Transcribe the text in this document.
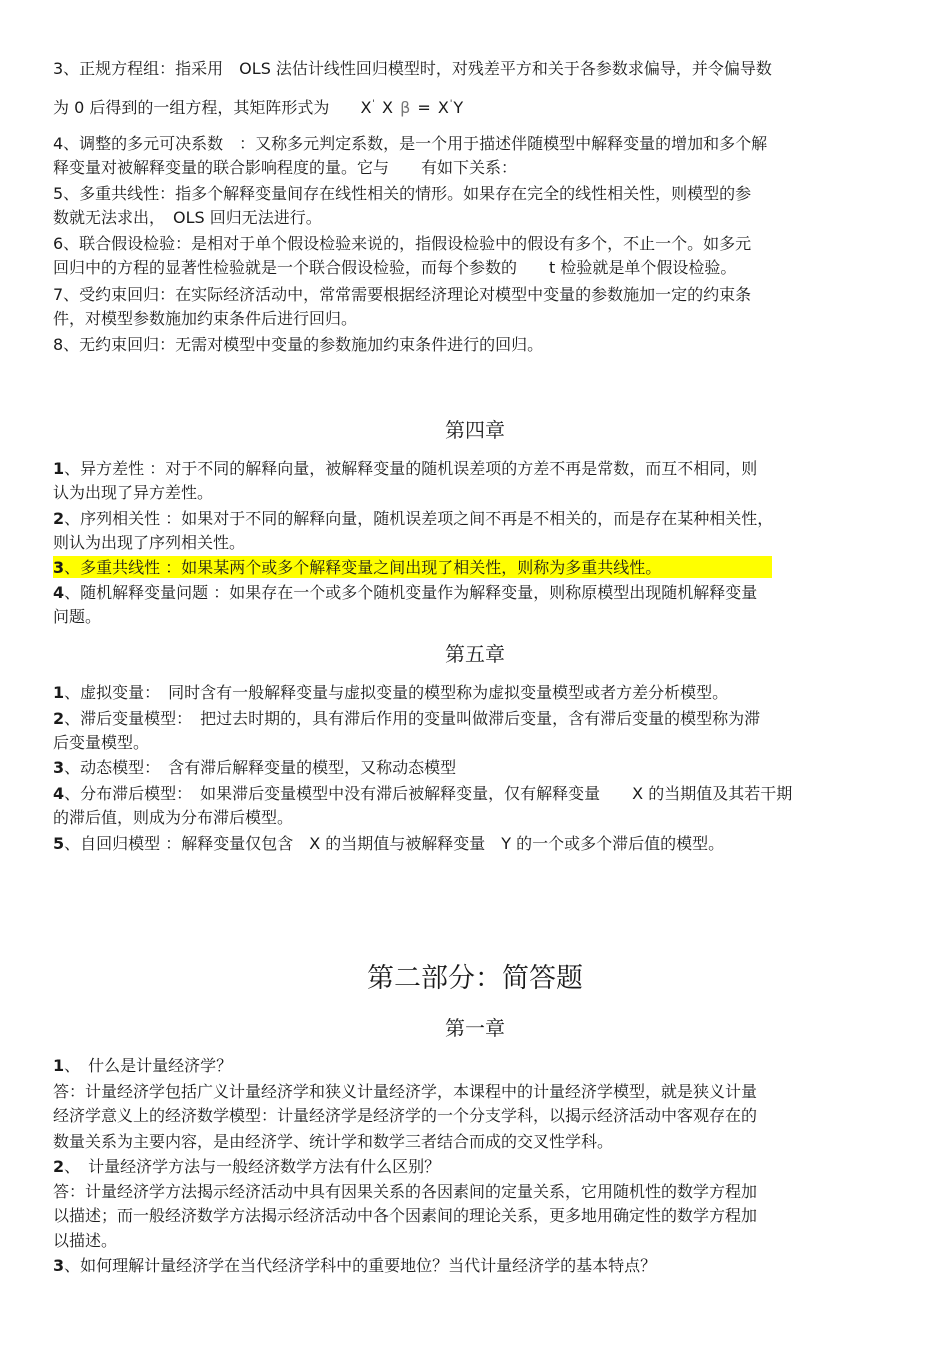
3、正规方程组：指采用　OLS 法估计线性回归模型时，对残差平方和关于各参数求偏导，并令偏导数
为 0 后得到的一组方程，其矩阵形式为 X' X β = X'Y
4、调整的多元可决系数　：又称多元判定系数，是一个用于描述伴随模型中解释变量的增加和多个解
释变量对被解释变量的联合影响程度的量。它与　　有如下关系：
5、多重共线性：指多个解释变量间存在线性相关的情形。如果存在完全的线性相关性，则模型的参
数就无法求出，　OLS 回归无法进行。
6、联合假设检验：是相对于单个假设检验来说的，指假设检验中的假设有多个，不止一个。如多元
回归中的方程的显著性检验就是一个联合假设检验，而每个参数的　　t 检验就是单个假设检验。
7、受约束回归：在实际经济活动中，常常需要根据经济理论对模型中变量的参数施加一定的约束条
件，对模型参数施加约束条件后进行回归。
8、无约束回归：无需对模型中变量的参数施加约束条件进行的回归。
第四章
1、异方差性 ：对于不同的解释向量，被解释变量的随机误差项的方差不再是常数，而互不相同，则
认为出现了异方差性。
2、序列相关性 ：如果对于不同的解释向量，随机误差项之间不再是不相关的，而是存在某种相关性，
则认为出现了序列相关性。
3、多重共线性 ：如果某两个或多个解释变量之间出现了相关性，则称为多重共线性。
4、随机解释变量问题 ：如果存在一个或多个随机变量作为解释变量，则称原模型出现随机解释变量
问题。
第五章
1、虚拟变量：　同时含有一般解释变量与虚拟变量的模型称为虚拟变量模型或者方差分析模型。
2、滞后变量模型：　把过去时期的，具有滞后作用的变量叫做滞后变量，含有滞后变量的模型称为滞
后变量模型。
3、动态模型：　含有滞后解释变量的模型，又称动态模型
4、分布滞后模型：　如果滞后变量模型中没有滞后被解释变量，仅有解释变量　　X 的当期值及其若干期
的滞后值，则成为分布滞后模型。
5、自回归模型 ：解释变量仅包含　X 的当期值与被解释变量　Y 的一个或多个滞后值的模型。
第二部分：简答题
第一章
1、　什么是计量经济学？
答：计量经济学包括广义计量经济学和狭义计量经济学，本课程中的计量经济学模型，就是狭义计量
经济学意义上的经济数学模型：计量经济学是经济学的一个分支学科，以揭示经济活动中客观存在的
数量关系为主要内容，是由经济学、统计学和数学三者结合而成的交叉性学科。
2、　计量经济学方法与一般经济数学方法有什么区别？
答：计量经济学方法揭示经济活动中具有因果关系的各因素间的定量关系，它用随机性的数学方程加
以描述；而一般经济数学方法揭示经济活动中各个因素间的理论关系，更多地用确定性的数学方程加
以描述。
3、如何理解计量经济学在当代经济学科中的重要地位？当代计量经济学的基本特点？
